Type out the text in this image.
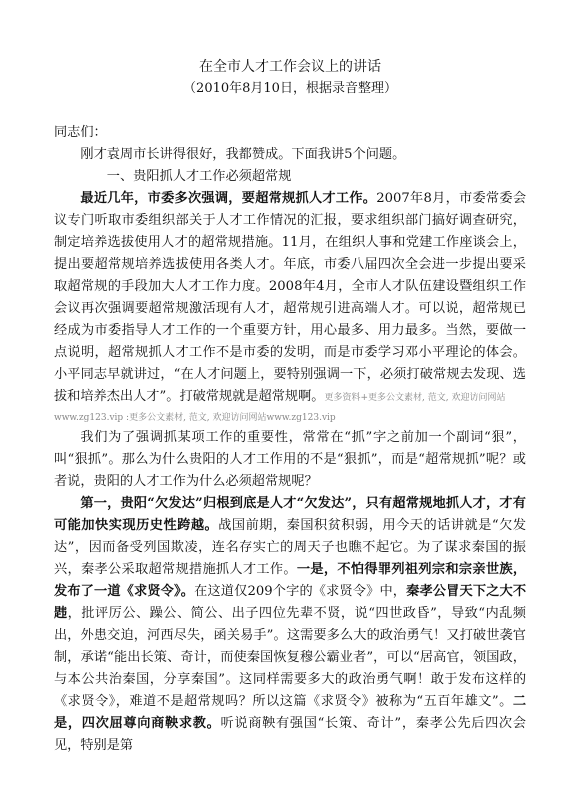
在全市人才工作会议上的讲话

（2010年8月10日，根据录音整理）

同志们：

刚才袁周市长讲得很好，我都赞成。下面我讲5个问题。

一、贵阳抓人才工作必须超常规

最近几年，市委多次强调，要超常规抓人才工作。2007年8月，市委常委会议专门听取市委组织部关于人才工作情况的汇报，要求组织部门搞好调查研究，制定培养选拔使用人才的超常规措施。11月，在组织人事和党建工作座谈会上，提出要超常规培养选拔使用各类人才。年底，市委八届四次全会进一步提出要采取超常规的手段加大人才工作力度。2008年4月，全市人才队伍建设暨组织工作会议再次强调要超常规激活现有人才，超常规引进高端人才。可以说，超常规已经成为市委指导人才工作的一个重要方针，用心最多、用力最多。当然，要做一点说明，超常规抓人才工作不是市委的发明，而是市委学习邓小平理论的体会。小平同志早就讲过，“在人才问题上，要特别强调一下，必须打破常规去发现、选拔和培养杰出人才”。打破常规就是超常规啊。更多资料+更多公文素材, 范文, 欢迎访问网站

www.zg123.vip :更多公文素材, 范文, 欢迎访问网站www.zg123.vip

我们为了强调抓某项工作的重要性，常常在“抓”字之前加一个副词“狠”，叫“狠抓”。那么为什么贵阳的人才工作用的不是“狠抓”，而是“超常规抓”呢？或者说，贵阳的人才工作为什么必须超常规呢？

第一，贵阳“欠发达”归根到底是人才“欠发达”，只有超常规地抓人才，才有可能加快实现历史性跨越。战国前期，秦国积贫积弱，用今天的话讲就是“欠发达”，因而备受列国欺凌，连名存实亡的周天子也瞧不起它。为了谋求秦国的振兴，秦孝公采取超常规措施抓人才工作。一是，不怕得罪列祖列宗和宗亲世族，发布了一道《求贤令》。在这道仅209个字的《求贤令》中，秦孝公冒天下之大不韪，批评厉公、躁公、简公、出子四位先辈不贤，说“四世政昏”，导致“内乱频出，外患交迫，河西尽失，函关易手”。这需要多么大的政治勇气！又打破世袭官制，承诺“能出长策、奇计，而使秦国恢复穆公霸业者”，可以“居高官，领国政，与本公共治秦国，分享秦国”。这同样需要多大的政治勇气啊！敢于发布这样的《求贤令》，难道不是超常规吗？所以这篇《求贤令》被称为“五百年雄文”。二是，四次屈尊向商鞅求教。听说商鞅有强国“长策、奇计”，秦孝公先后四次会见，特别是第
